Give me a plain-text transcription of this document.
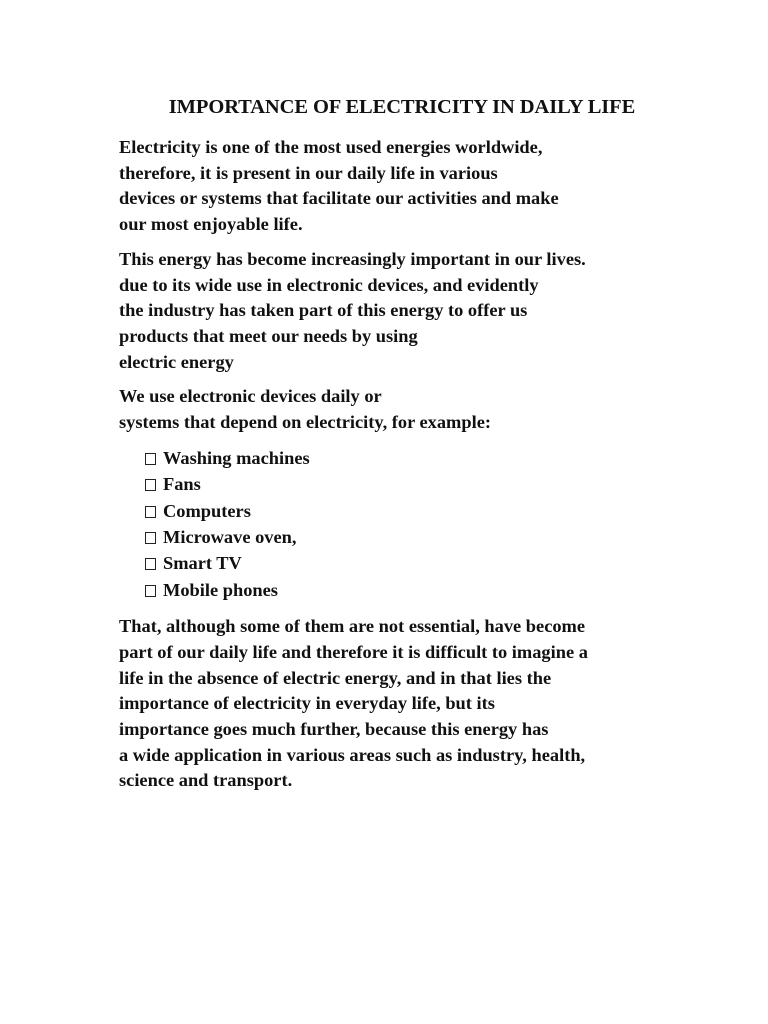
IMPORTANCE OF ELECTRICITY IN DAILY LIFE

Electricity is one of the most used energies worldwide,
therefore, it is present in our daily life in various
devices or systems that facilitate our activities and make
our most enjoyable life.

This energy has become increasingly important in our lives.
due to its wide use in electronic devices, and evidently
the industry has taken part of this energy to offer us
products that meet our needs by using
electric energy

We use electronic devices daily or
systems that depend on electricity, for example:

Washing machines
Fans
Computers
Microwave oven,
Smart TV
Mobile phones

That, although some of them are not essential, have become
part of our daily life and therefore it is difficult to imagine a
life in the absence of electric energy, and in that lies the
importance of electricity in everyday life, but its
importance goes much further, because this energy has
a wide application in various areas such as industry, health,
science and transport.
